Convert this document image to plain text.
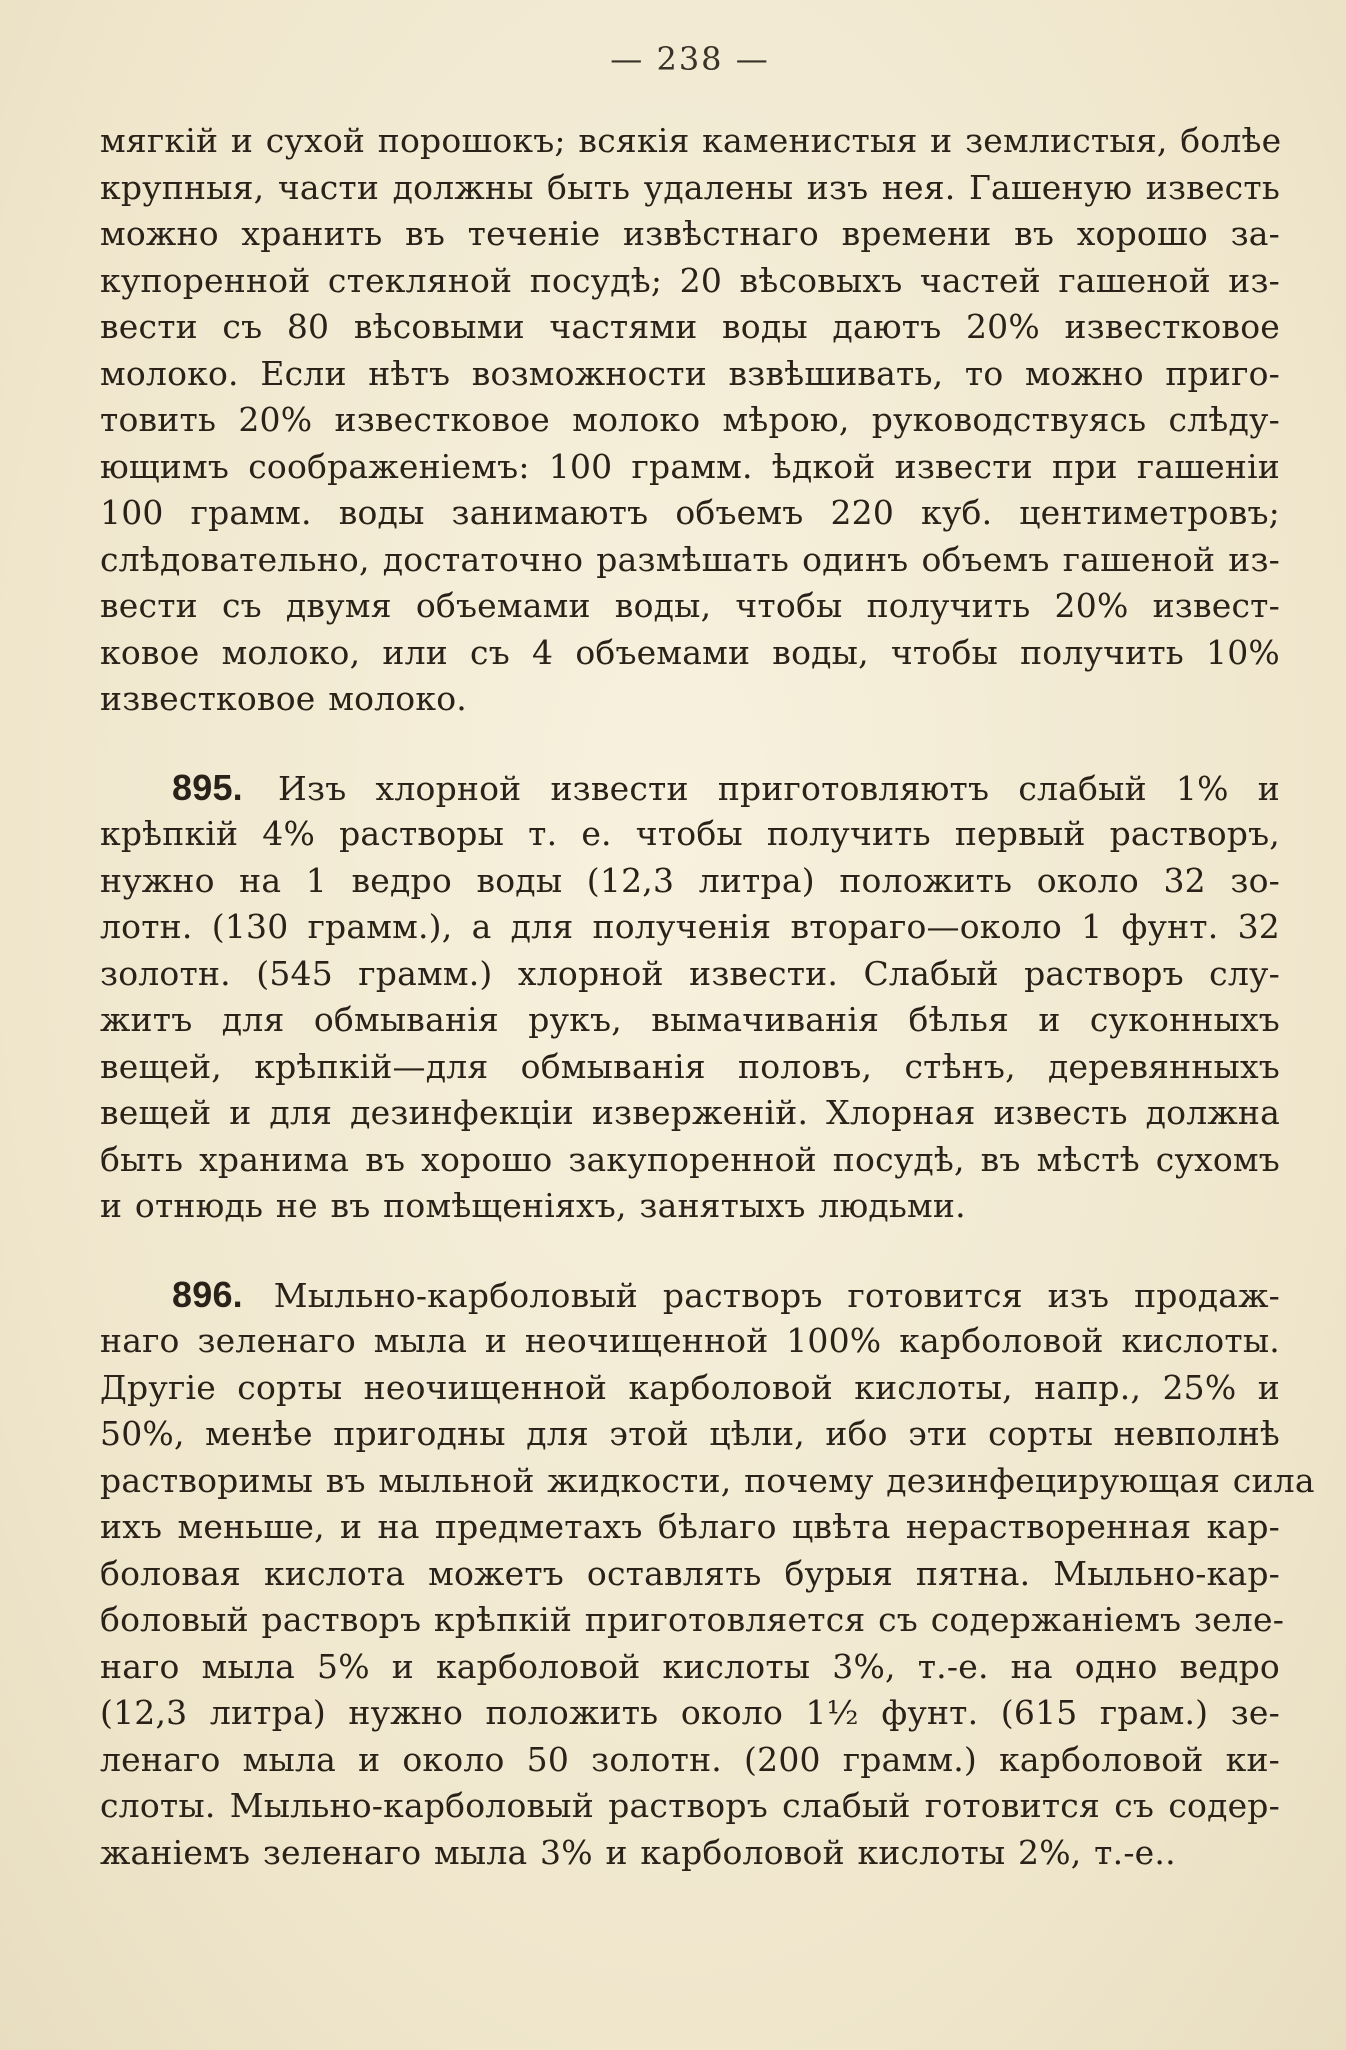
— 238 —
мягкій и сухой порошокъ; всякія каменистыя и землистыя, болѣе
крупныя, части должны быть удалены изъ нея. Гашеную известь
можно хранить въ теченіе извѣстнаго времени въ хорошо за-
купоренной стекляной посудѣ; 20 вѣсовыхъ частей гашеной из-
вести съ 80 вѣсовыми частями воды даютъ 20% известковое
молоко. Если нѣтъ возможности взвѣшивать, то можно приго-
товить 20% известковое молоко мѣрою, руководствуясь слѣду-
ющимъ соображеніемъ: 100 грамм. ѣдкой извести при гашеніи
100 грамм. воды занимаютъ объемъ 220 куб. центиметровъ;
слѣдовательно, достаточно размѣшать одинъ объемъ гашеной из-
вести съ двумя объемами воды, чтобы получить 20% извест-
ковое молоко, или съ 4 объемами воды, чтобы получить 10%
известковое молоко.
895. Изъ хлорной извести приготовляютъ слабый 1% и
крѣпкій 4% растворы т. е. чтобы получить первый растворъ,
нужно на 1 ведро воды (12,3 литра) положить около 32 зо-
лотн. (130 грамм.), а для полученія втораго—около 1 фунт. 32
золотн. (545 грамм.) хлорной извести. Слабый растворъ слу-
житъ для обмыванія рукъ, вымачиванія бѣлья и суконныхъ
вещей, крѣпкій—для обмыванія половъ, стѣнъ, деревянныхъ
вещей и для дезинфекціи изверженій. Хлорная известь должна
быть хранима въ хорошо закупоренной посудѣ, въ мѣстѣ сухомъ
и отнюдь не въ помѣщеніяхъ, занятыхъ людьми.
896. Мыльно-карболовый растворъ готовится изъ продаж-
наго зеленаго мыла и неочищенной 100% карболовой кислоты.
Другіе сорты неочищенной карболовой кислоты, напр., 25% и
50%, менѣе пригодны для этой цѣли, ибо эти сорты невполнѣ
растворимы въ мыльной жидкости, почему дезинфецирующая сила
ихъ меньше, и на предметахъ бѣлаго цвѣта нерастворенная кар-
боловая кислота можетъ оставлять бурыя пятна. Мыльно-кар-
боловый растворъ крѣпкій приготовляется съ содержаніемъ зеле-
наго мыла 5% и карболовой кислоты 3%, т.-е. на одно ведро
(12,3 литра) нужно положить около 1½ фунт. (615 грам.) зе-
ленаго мыла и около 50 золотн. (200 грамм.) карболовой ки-
слоты. Мыльно-карболовый растворъ слабый готовится съ содер-
жаніемъ зеленаго мыла 3% и карболовой кислоты 2%, т.-е..
